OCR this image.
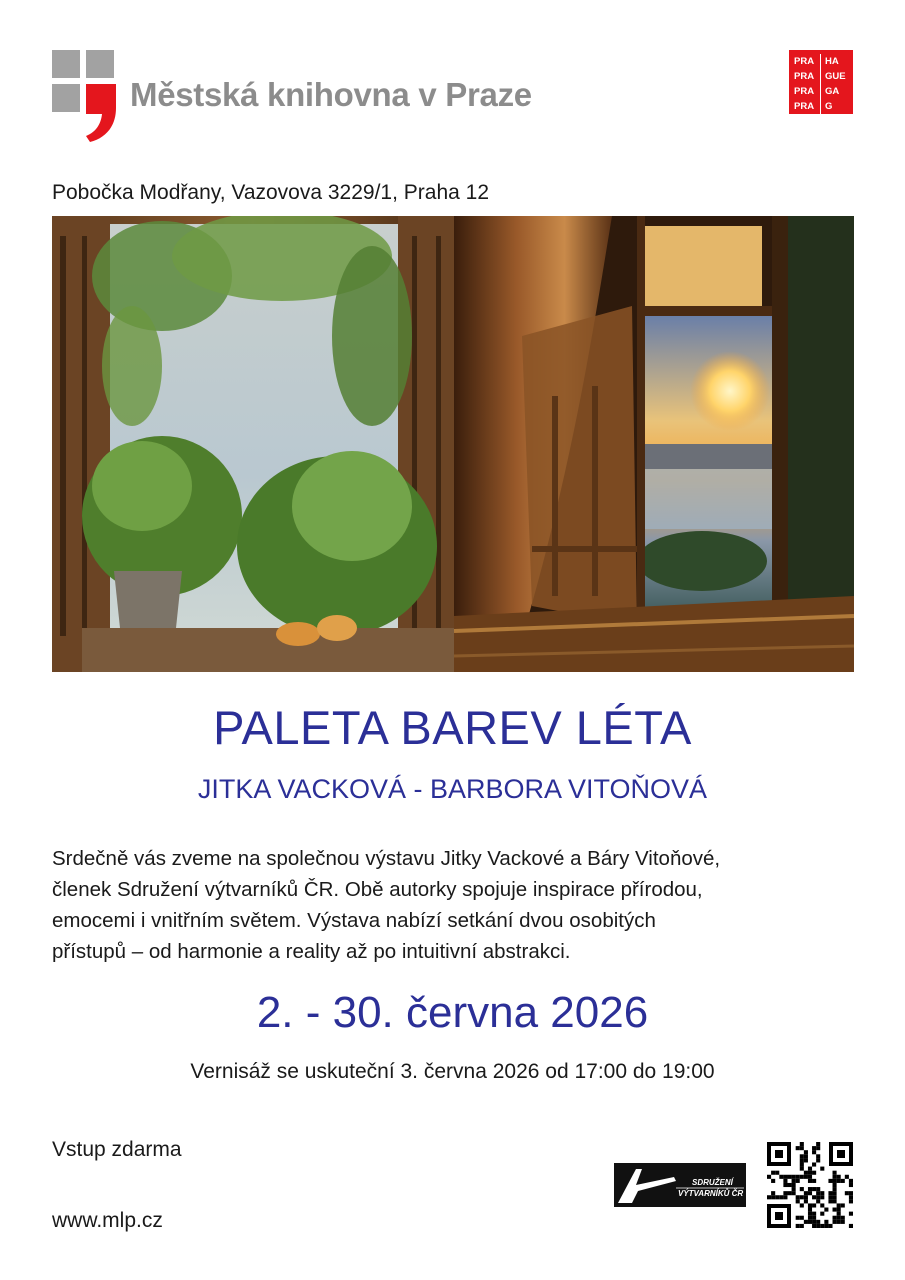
Městská knihovna v Praze
PRA	HA
PRA	GUE
PRA	GA
PRA	G
Pobočka Modřany, Vazovova 3229/1, Praha 12
PALETA BAREV LÉTA
JITKA VACKOVÁ - BARBORA VITOŇOVÁ
Srdečně vás zveme na společnou výstavu Jitky Vackové a Báry Vitoňové,
členek Sdružení výtvarníků ČR. Obě autorky spojuje inspirace přírodou,
emocemi i vnitřním světem. Výstava nabízí setkání dvou osobitých
přístupů – od harmonie a reality až po intuitivní abstrakci.
2. - 30. června 2026
Vernisáž se uskuteční 3. června 2026 od 17:00 do 19:00
Vstup zdarma
www.mlp.cz
SDRUŽENÍ
VÝTVARNÍKŮ ČR
